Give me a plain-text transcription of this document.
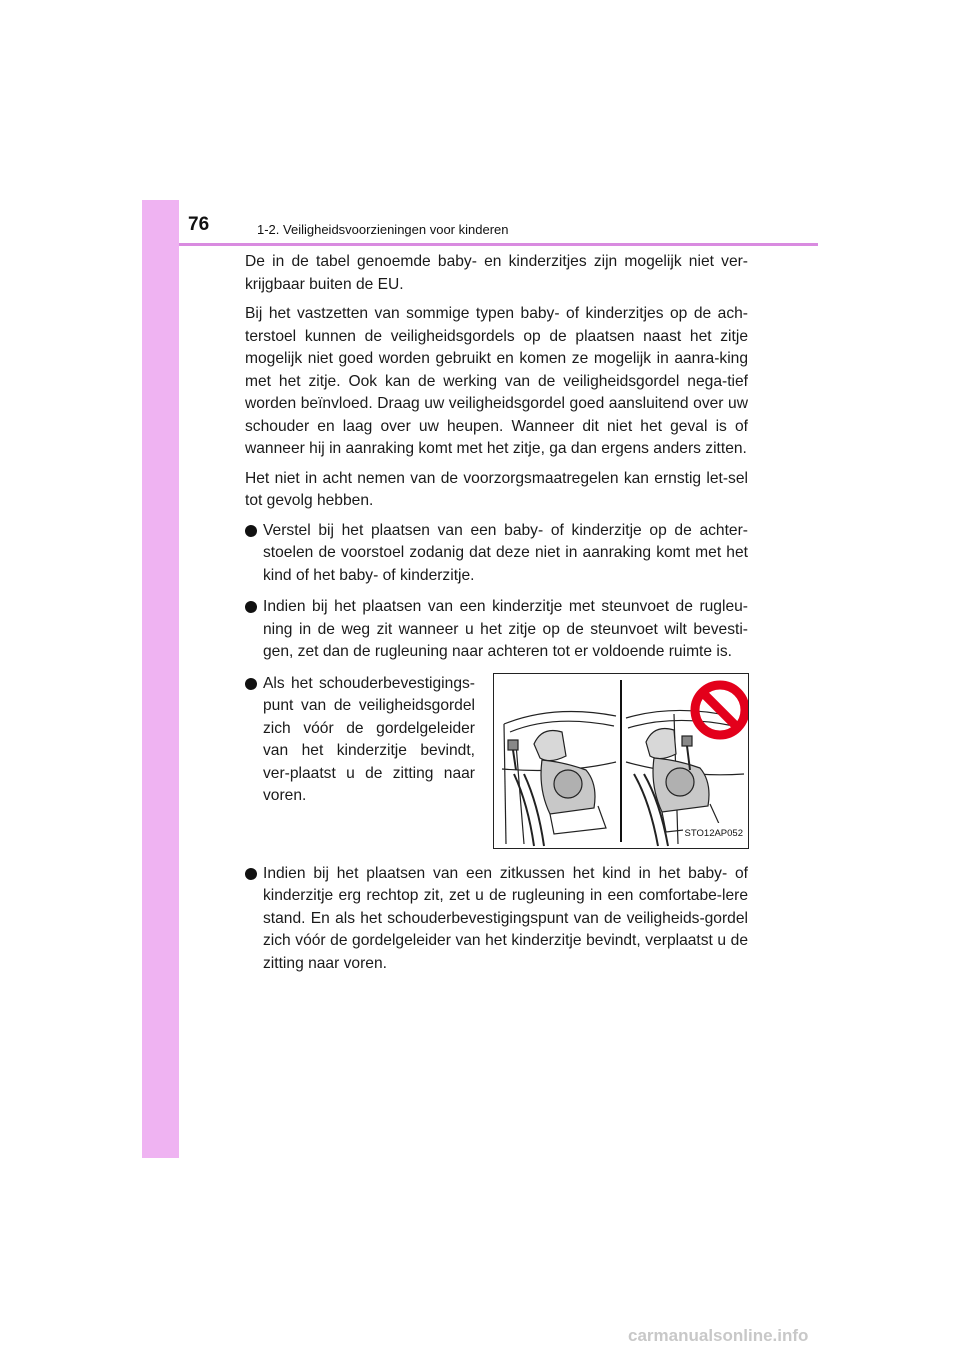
76	1-2. Veiligheidsvoorzieningen voor kinderen

De in de tabel genoemde baby- en kinderzitjes zijn mogelijk niet ver-krijgbaar buiten de EU.

Bij het vastzetten van sommige typen baby- of kinderzitjes op de ach-terstoel kunnen de veiligheidsgordels op de plaatsen naast het zitje mogelijk niet goed worden gebruikt en komen ze mogelijk in aanra-king met het zitje. Ook kan de werking van de veiligheidsgordel nega-tief worden beïnvloed. Draag uw veiligheidsgordel goed aansluitend over uw schouder en laag over uw heupen. Wanneer dit niet het geval is of wanneer hij in aanraking komt met het zitje, ga dan ergens anders zitten.

Het niet in acht nemen van de voorzorgsmaatregelen kan ernstig let-sel tot gevolg hebben.

Verstel bij het plaatsen van een baby- of kinderzitje op de achter-stoelen de voorstoel zodanig dat deze niet in aanraking komt met het kind of het baby- of kinderzitje.
Indien bij het plaatsen van een kinderzitje met steunvoet de rugleu-ning in de weg zit wanneer u het zitje op de steunvoet wilt bevesti-gen, zet dan de rugleuning naar achteren tot er voldoende ruimte is.
Als het schouderbevestigings-punt van de veiligheidsgordel zich vóór de gordelgeleider van het kinderzitje bevindt, ver-plaatst u de zitting naar voren.
STO12AP052
Indien bij het plaatsen van een zitkussen het kind in het baby- of kinderzitje erg rechtop zit, zet u de rugleuning in een comfortabe-lere stand. En als het schouderbevestigingspunt van de veiligheids-gordel zich vóór de gordelgeleider van het kinderzitje bevindt, verplaatst u de zitting naar voren.
carmanualsonline.info
